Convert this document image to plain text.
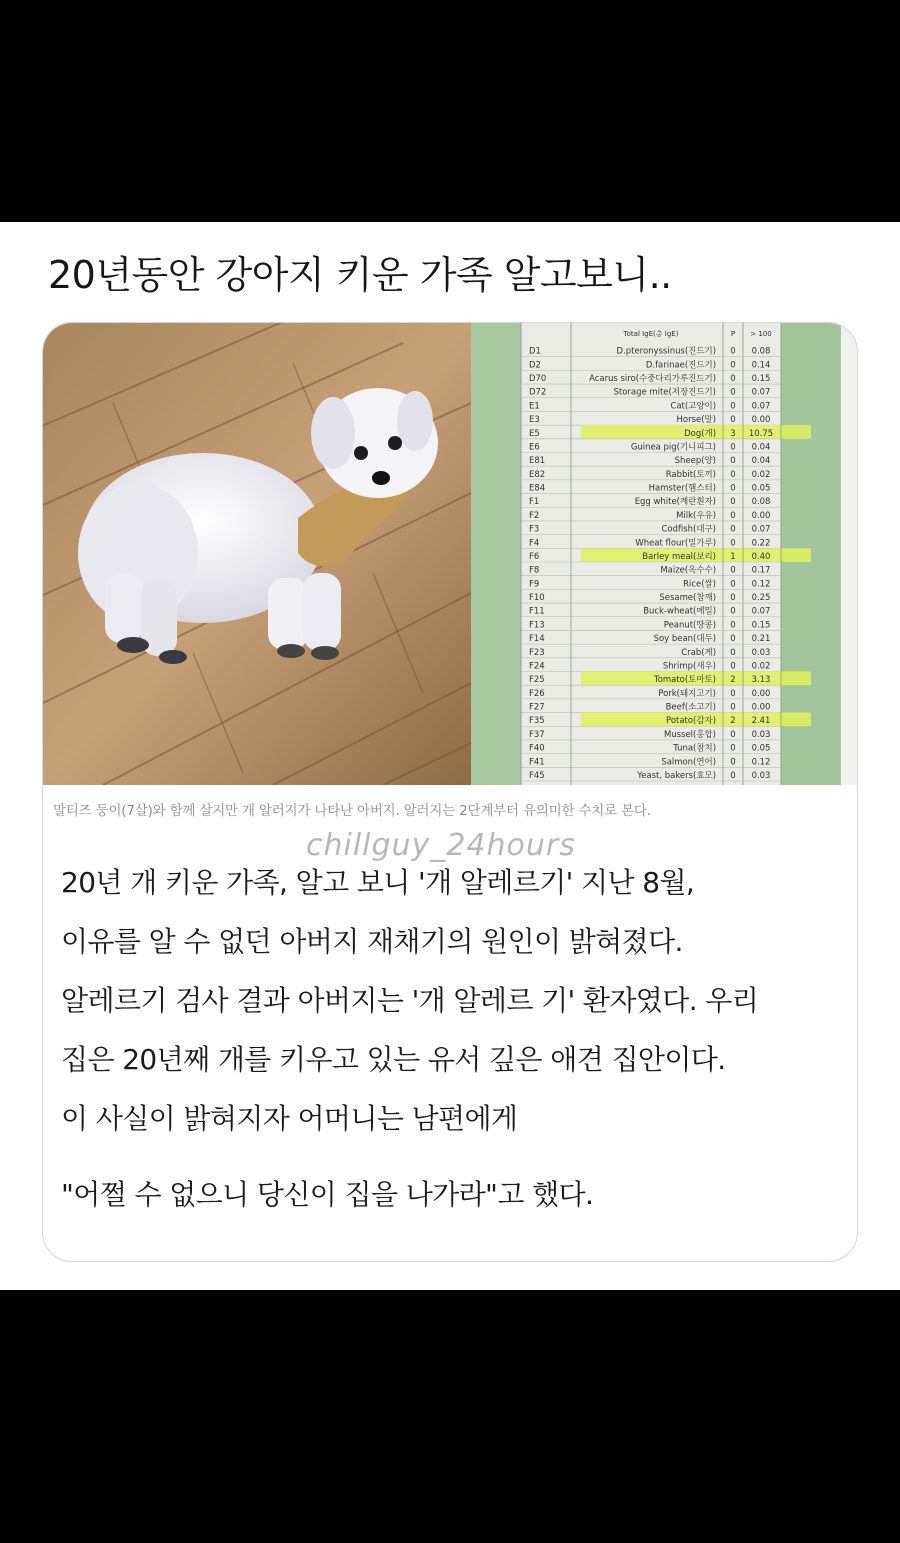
20년동안 강아지 키운 가족 알고보니..
Total IgE(총 IgE)	P > 100
D1	D.pteronyssinus(진드기) 0 0.08
D2	D.farinae(진드기) 0 0.14
D70	Acarus siro(수중다리가루진드기) 0 0.15
D72	Storage mite(저장진드기) 0 0.07
E1	Cat(고양이) 0 0.07
E3	Horse(말) 0 0.00
E5	Dog(개) 3 10.75
E6	Guinea pig(기니피그) 0 0.04
E81	Sheep(양) 0 0.04
E82	Rabbit(토끼) 0 0.02
E84	Hamster(햄스터) 0 0.05
F1	Egg white(계란흰자) 0 0.08
F2	Milk(우유) 0 0.00
F3	Codfish(대구) 0 0.07
F4	Wheat flour(밀가루) 0 0.22
F6	Barley meal(보리) 1 0.40
F8	Maize(옥수수) 0 0.17
F9	Rice(쌀) 0 0.12
F10	Sesame(참깨) 0 0.25
F11	Buck-wheat(메밀) 0 0.07
F13	Peanut(땅콩) 0 0.15
F14	Soy bean(대두) 0 0.21
F23	Crab(게) 0 0.03
F24	Shrimp(새우) 0 0.02
F25	Tomato(토마토) 2 3.13
F26	Pork(돼지고기) 0 0.00
F27	Beef(소고기) 0 0.00
F35	Potato(감자) 2 2.41
F37	Mussel(홍합) 0 0.03
F40	Tuna(참치) 0 0.05
F41	Salmon(연어) 0 0.12
F45	Yeast, bakers(효모) 0 0.03
말티즈 둥이(7살)와 함께 살지만 개 알러지가 나타난 아버지. 알러지는 2단계부터 유의미한 수치로 본다.
chillguy_24hours
20년 개 키운 가족, 알고 보니 '개 알레르기' 지난 8월,
이유를 알 수 없던 아버지 재채기의 원인이 밝혀졌다.
알레르기 검사 결과 아버지는 '개 알레르 기' 환자였다. 우리
집은 20년째 개를 키우고 있는 유서 깊은 애견 집안이다.
이 사실이 밝혀지자 어머니는 남편에게
"어쩔 수 없으니 당신이 집을 나가라"고 했다.
